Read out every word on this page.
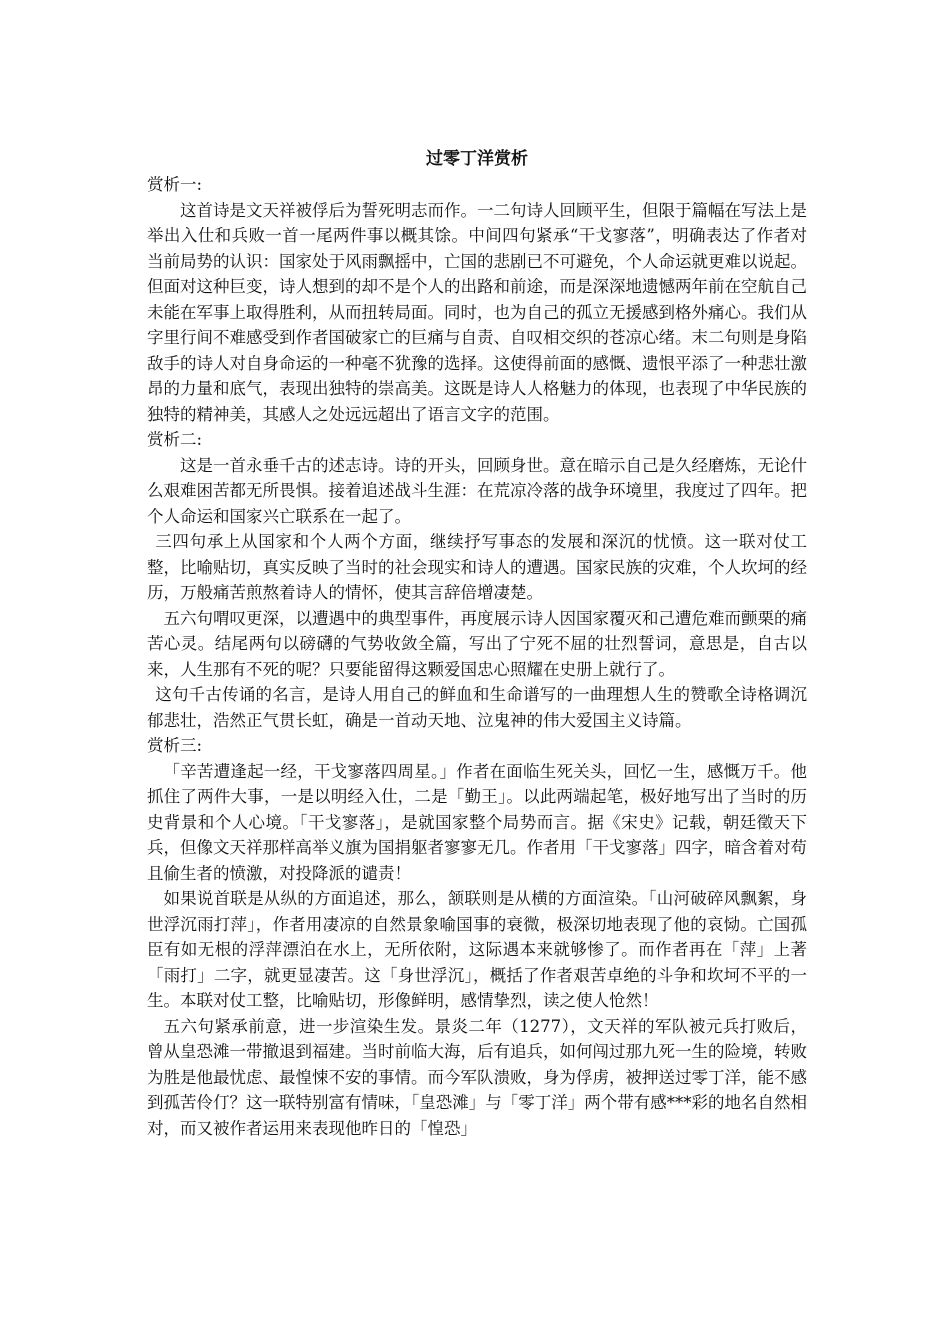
过零丁洋赏析

赏析一:

这首诗是文天祥被俘后为誓死明志而作。一二句诗人回顾平生，但限于篇幅在写法上是举出入仕和兵败一首一尾两件事以概其馀。中间四句紧承“干戈寥落”，明确表达了作者对当前局势的认识：国家处于风雨飘摇中，亡国的悲剧已不可避免，个人命运就更难以说起。但面对这种巨变，诗人想到的却不是个人的出路和前途，而是深深地遗憾两年前在空航自己未能在军事上取得胜利，从而扭转局面。同时，也为自己的孤立无援感到格外痛心。我们从字里行间不难感受到作者国破家亡的巨痛与自责、自叹相交织的苍凉心绪。末二句则是身陷敌手的诗人对自身命运的一种毫不犹豫的选择。这使得前面的感慨、遗恨平添了一种悲壮激昂的力量和底气，表现出独特的崇高美。这既是诗人人格魅力的体现，也表现了中华民族的独特的精神美，其感人之处远远超出了语言文字的范围。

赏析二:

这是一首永垂千古的述志诗。诗的开头，回顾身世。意在暗示自己是久经磨炼，无论什么艰难困苦都无所畏惧。接着追述战斗生涯：在荒凉冷落的战争环境里，我度过了四年。把个人命运和国家兴亡联系在一起了。

三四句承上从国家和个人两个方面，继续抒写事态的发展和深沉的忧愤。这一联对仗工整，比喻贴切，真实反映了当时的社会现实和诗人的遭遇。国家民族的灾难，个人坎坷的经历，万般痛苦煎熬着诗人的情怀，使其言辞倍增凄楚。

五六句喟叹更深，以遭遇中的典型事件，再度展示诗人因国家覆灭和己遭危难而颤栗的痛苦心灵。结尾两句以磅礴的气势收敛全篇，写出了宁死不屈的壮烈誓词，意思是，自古以来，人生那有不死的呢？只要能留得这颗爱国忠心照耀在史册上就行了。

这句千古传诵的名言，是诗人用自己的鲜血和生命谱写的一曲理想人生的赞歌全诗格调沉郁悲壮，浩然正气贯长虹，确是一首动天地、泣鬼神的伟大爱国主义诗篇。

赏析三:

「辛苦遭逢起一经，干戈寥落四周星。」作者在面临生死关头，回忆一生，感慨万千。他抓住了两件大事，一是以明经入仕，二是「勤王」。以此两端起笔，极好地写出了当时的历史背景和个人心境。「干戈寥落」，是就国家整个局势而言。据《宋史》记载，朝廷徵天下兵，但像文天祥那样高举义旗为国捐躯者寥寥无几。作者用「干戈寥落」四字，暗含着对苟且偷生者的愤激，对投降派的谴责！

如果说首联是从纵的方面追述，那么，颔联则是从横的方面渲染。「山河破碎风飘絮，身世浮沉雨打萍」，作者用凄凉的自然景象喻国事的衰微，极深切地表现了他的哀恸。亡国孤臣有如无根的浮萍漂泊在水上，无所依附，这际遇本来就够惨了。而作者再在「萍」上著「雨打」二字，就更显凄苦。这「身世浮沉」，概括了作者艰苦卓绝的斗争和坎坷不平的一生。本联对仗工整，比喻贴切，形像鲜明，感情挚烈，读之使人怆然！

五六句紧承前意，进一步渲染生发。景炎二年（1277），文天祥的军队被元兵打败后，曾从皇恐滩一带撤退到福建。当时前临大海，后有追兵，如何闯过那九死一生的险境，转败为胜是他最忧虑、最惶悚不安的事情。而今军队溃败，身为俘虏，被押送过零丁洋，能不感到孤苦伶仃？这一联特别富有情味，「皇恐滩」与「零丁洋」两个带有感***彩的地名自然相对，而又被作者运用来表现他昨日的「惶恐」
